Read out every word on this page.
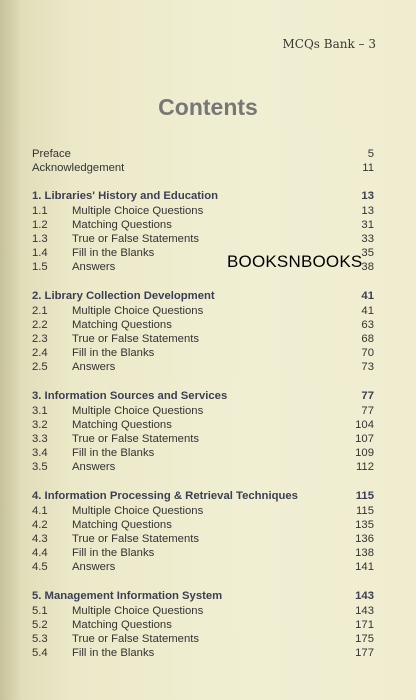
MCQs Bank – 3
Contents
Preface	5
Acknowledgement	11
1. Libraries' History and Education	13
1.1 Multiple Choice Questions	13
1.2 Matching Questions	31
1.3 True or False Statements	33
1.4 Fill in the Blanks	35
1.5 Answers	38
2. Library Collection Development	41
2.1 Multiple Choice Questions	41
2.2 Matching Questions	63
2.3 True or False Statements	68
2.4 Fill in the Blanks	70
2.5 Answers	73
3. Information Sources and Services	77
3.1 Multiple Choice Questions	77
3.2 Matching Questions	104
3.3 True or False Statements	107
3.4 Fill in the Blanks	109
3.5 Answers	112
4. Information Processing & Retrieval Techniques	115
4.1 Multiple Choice Questions	115
4.2 Matching Questions	135
4.3 True or False Statements	136
4.4 Fill in the Blanks	138
4.5 Answers	141
5. Management Information System	143
5.1 Multiple Choice Questions	143
5.2 Matching Questions	171
5.3 True or False Statements	175
5.4 Fill in the Blanks	177
BOOKSNBOOKS
